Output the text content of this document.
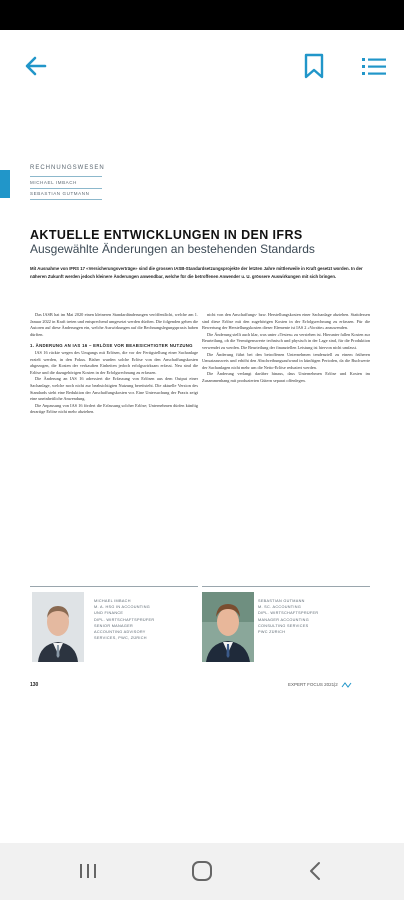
RECHNUNGSWESEN
MICHAEL IMBACH
SEBASTIAN GUTMANN
AKTUELLE ENTWICKLUNGEN IN DEN IFRS
Ausgewählte Änderungen an bestehenden Standards
Mit Ausnahme von IFRS 17 «Versicherungsverträge» sind die grossen IASB-Standardsetzungsprojekte der letzten Jahre mittlerweile in Kraft gesetzt worden. In der näheren Zukunft werden jedoch kleinere Änderungen anwendbar, welche für die betroffenen Anwender u. U. grössere Auswirkungen mit sich bringen.

Das IASB hat im Mai 2020 einen kleineren Standardänderungen veröffentlicht, welche am 1. Januar 2022 in Kraft treten und entsprechend umgesetzt werden dürften. Die folgenden gehen die Autoren auf diese Änderungen ein, welche Auswirkungen auf die Rechnungslegungspraxis haben dürften.

1. ÄNDERUNG AN IAS 16 – ERLÖSE VOR BEABSICHTIGTER NUTZUNG

IAS 16 rückte wegen des Umgangs mit Erlösen, die vor der Fertigstellung einer Sachanlage erzielt werden, in den Fokus. Bisher wurden solche Erlöse von den Anschaffungskosten abgezogen, die Kosten der verkauften Einheiten jedoch erfolgswirksam erfasst. Neu sind die Erlöse und die dazugehörigen Kosten in der Erfolgsrechnung zu erfassen.

Die Änderung an IAS 16 adressiert die Erfassung von Erlösen aus dem Output einer Sachanlage, welche noch nicht zur beabsichtigten Nutzung bereitsteht. Die aktuelle Version des Standards sieht eine Reduktion der Anschaffungskosten vor. Eine Untersuchung der Praxis zeigt eine uneinheitliche Anwendung.

Die Anpassung von IAS 16 fördert die Erfassung solcher Erlöse; Unternehmen dürfen künftig derartige Erlöse nicht mehr abziehen.

nicht von den Anschaffungs- bzw. Herstellungskosten einer Sachanlage abziehen. Stattdessen sind diese Erlöse mit den zugehörigen Kosten in der Erfolgsrechnung zu erfassen. Für die Bewertung der Herstellungskosten dieser Elemente ist IAS 2 «Vorräte» anzuwenden.

Die Änderung stellt auch klar, was unter «Testen» zu verstehen ist. Hierunter fallen Kosten zur Beurteilung, ob die Vermögenswerte technisch und physisch in der Lage sind, für die Produktion verwendet zu werden. Die Beurteilung der finanziellen Leistung ist hiervon nicht umfasst.

Die Änderung führt bei den betroffenen Unternehmen tendenziell zu einem früheren Umsatzausweis und erhöht den Abschreibungsaufwand in künftigen Perioden, da die Buchwerte der Sachanlagen nicht mehr um die Netto-Erlöse reduziert werden.

Die Änderung verlangt darüber hinaus, dass Unternehmen Erlöse und Kosten im Zusammenhang mit produzierten Gütern separat offenlegen.

MICHAEL IMBACH
M. A. HSG IN ACCOUNTING
UND FINANCE
DIPL. WIRTSCHAFTSPRÜFER
SENIOR MANAGER
ACCOUNTING ADVISORY
SERVICES, PWC, ZÜRICH
SEBASTIAN GUTMANN
M. SC. ACCOUNTING
DIPL. WIRTSCHAFTSPRÜFER
MANAGER ACCOUNTING
CONSULTING SERVICES
PWC ZÜRICH
130	EXPERT FOCUS 2021|2
